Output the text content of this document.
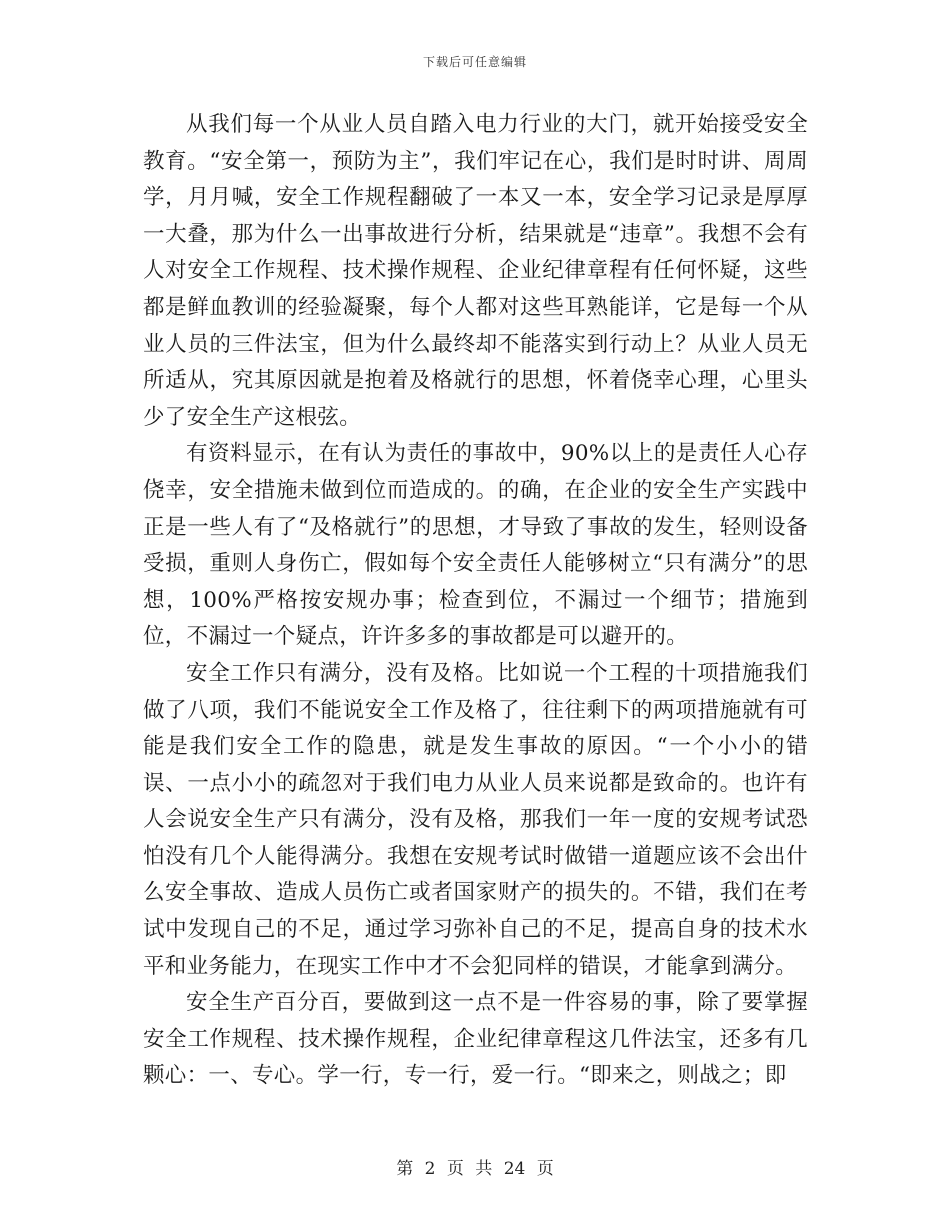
下载后可任意编辑

从我们每一个从业人员自踏入电力行业的大门，就开始接受安全教育。“安全第一，预防为主”，我们牢记在心，我们是时时讲、周周学，月月喊，安全工作规程翻破了一本又一本，安全学习记录是厚厚一大叠，那为什么一出事故进行分析，结果就是“违章”。我想不会有人对安全工作规程、技术操作规程、企业纪律章程有任何怀疑，这些都是鲜血教训的经验凝聚，每个人都对这些耳熟能详，它是每一个从业人员的三件法宝，但为什么最终却不能落实到行动上？从业人员无所适从，究其原因就是抱着及格就行的思想，怀着侥幸心理，心里头少了安全生产这根弦。

有资料显示，在有认为责任的事故中，90%以上的是责任人心存侥幸，安全措施未做到位而造成的。的确，在企业的安全生产实践中正是一些人有了“及格就行”的思想，才导致了事故的发生，轻则设备受损，重则人身伤亡，假如每个安全责任人能够树立“只有满分”的思想，100%严格按安规办事；检查到位，不漏过一个细节；措施到位，不漏过一个疑点，许许多多的事故都是可以避开的。

安全工作只有满分，没有及格。比如说一个工程的十项措施我们做了八项，我们不能说安全工作及格了，往往剩下的两项措施就有可能是我们安全工作的隐患，就是发生事故的原因。“一个小小的错误、一点小小的疏忽对于我们电力从业人员来说都是致命的。也许有人会说安全生产只有满分，没有及格，那我们一年一度的安规考试恐怕没有几个人能得满分。我想在安规考试时做错一道题应该不会出什么安全事故、造成人员伤亡或者国家财产的损失的。不错，我们在考试中发现自己的不足，通过学习弥补自己的不足，提高自身的技术水平和业务能力，在现实工作中才不会犯同样的错误，才能拿到满分。

安全生产百分百，要做到这一点不是一件容易的事，除了要掌握安全工作规程、技术操作规程，企业纪律章程这几件法宝，还多有几颗心：一、专心。学一行，专一行，爱一行。“即来之，则战之；即

第 2 页 共 24 页
